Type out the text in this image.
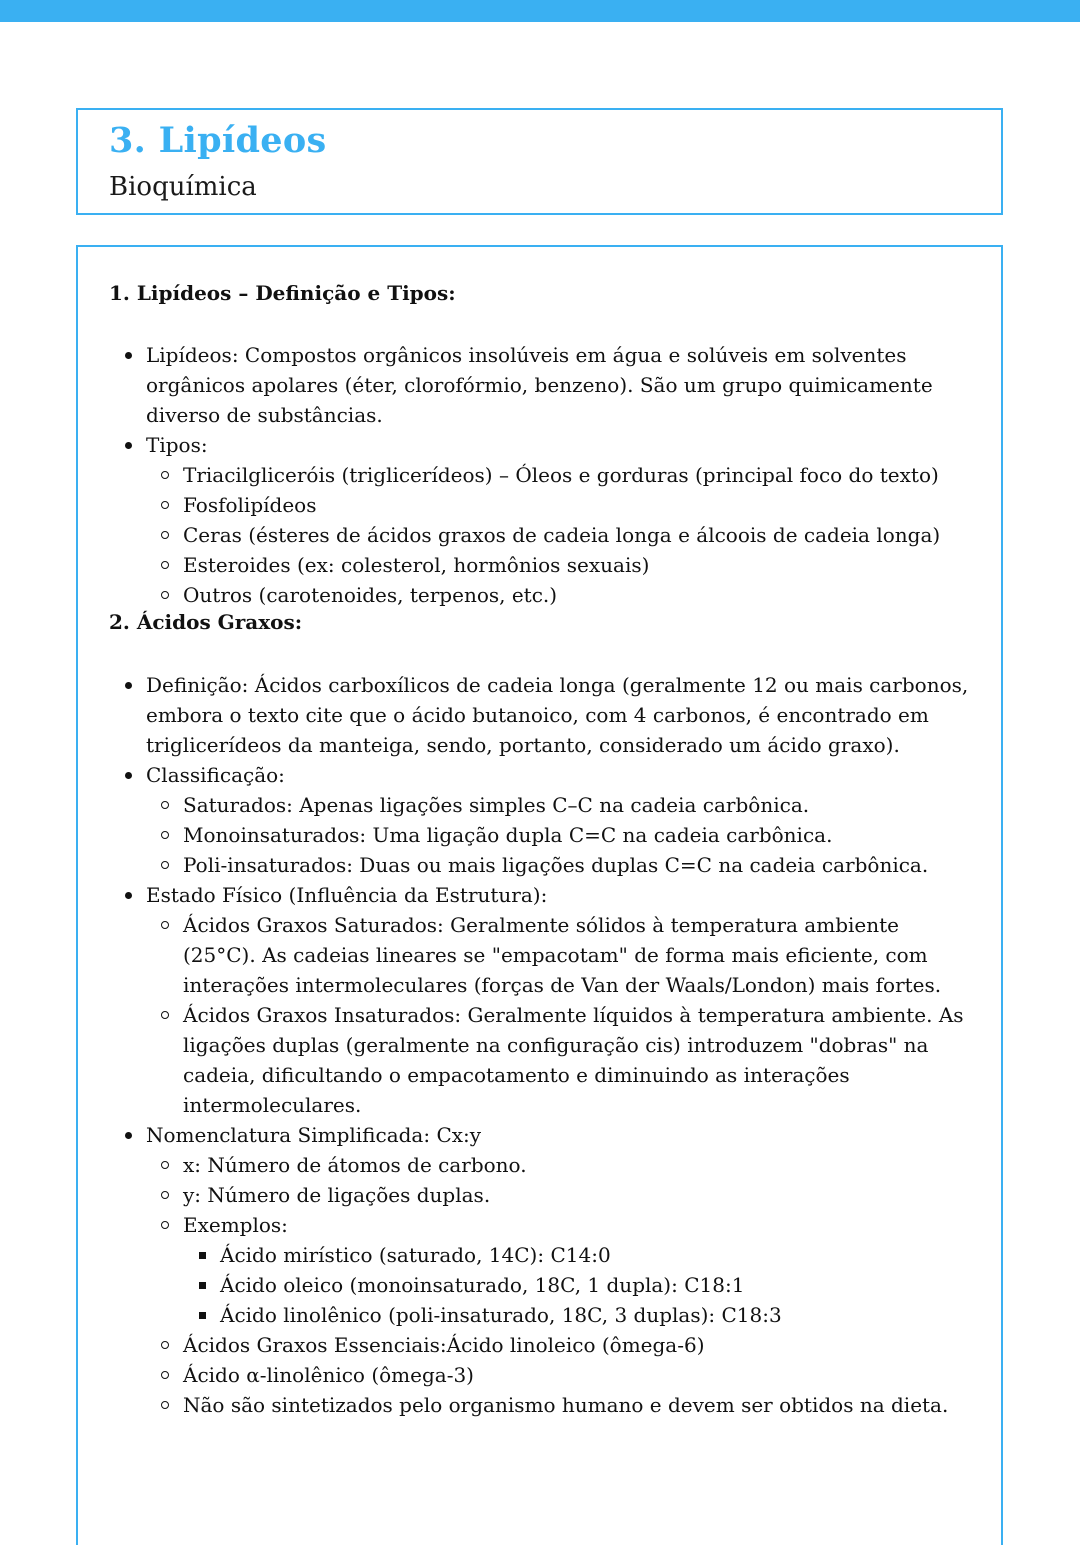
3. Lipídeos
Bioquímica
1. Lipídeos – Definição e Tipos:
Lipídeos: Compostos orgânicos insolúveis em água e solúveis em solventes orgânicos apolares (éter, clorofórmio, benzeno). São um grupo quimicamente diverso de substâncias.
Tipos:
Triacilgliceróis (triglicerídeos) – Óleos e gorduras (principal foco do texto)
Fosfolipídeos
Ceras (ésteres de ácidos graxos de cadeia longa e álcoois de cadeia longa)
Esteroides (ex: colesterol, hormônios sexuais)
Outros (carotenoides, terpenos, etc.)
2. Ácidos Graxos:
Definição: Ácidos carboxílicos de cadeia longa (geralmente 12 ou mais carbonos, embora o texto cite que o ácido butanoico, com 4 carbonos, é encontrado em triglicerídeos da manteiga, sendo, portanto, considerado um ácido graxo).
Classificação:
Saturados: Apenas ligações simples C–C na cadeia carbônica.
Monoinsaturados: Uma ligação dupla C=C na cadeia carbônica.
Poli-insaturados: Duas ou mais ligações duplas C=C na cadeia carbônica.
Estado Físico (Influência da Estrutura):
Ácidos Graxos Saturados: Geralmente sólidos à temperatura ambiente (25°C). As cadeias lineares se "empacotam" de forma mais eficiente, com interações intermoleculares (forças de Van der Waals/London) mais fortes.
Ácidos Graxos Insaturados: Geralmente líquidos à temperatura ambiente. As ligações duplas (geralmente na configuração cis) introduzem "dobras" na cadeia, dificultando o empacotamento e diminuindo as interações intermoleculares.
Nomenclatura Simplificada: Cx:y
x: Número de átomos de carbono.
y: Número de ligações duplas.
Exemplos:
Ácido mirístico (saturado, 14C): C14:0
Ácido oleico (monoinsaturado, 18C, 1 dupla): C18:1
Ácido linolênico (poli-insaturado, 18C, 3 duplas): C18:3
Ácidos Graxos Essenciais:Ácido linoleico (ômega-6)
Ácido α-linolênico (ômega-3)
Não são sintetizados pelo organismo humano e devem ser obtidos na dieta.
